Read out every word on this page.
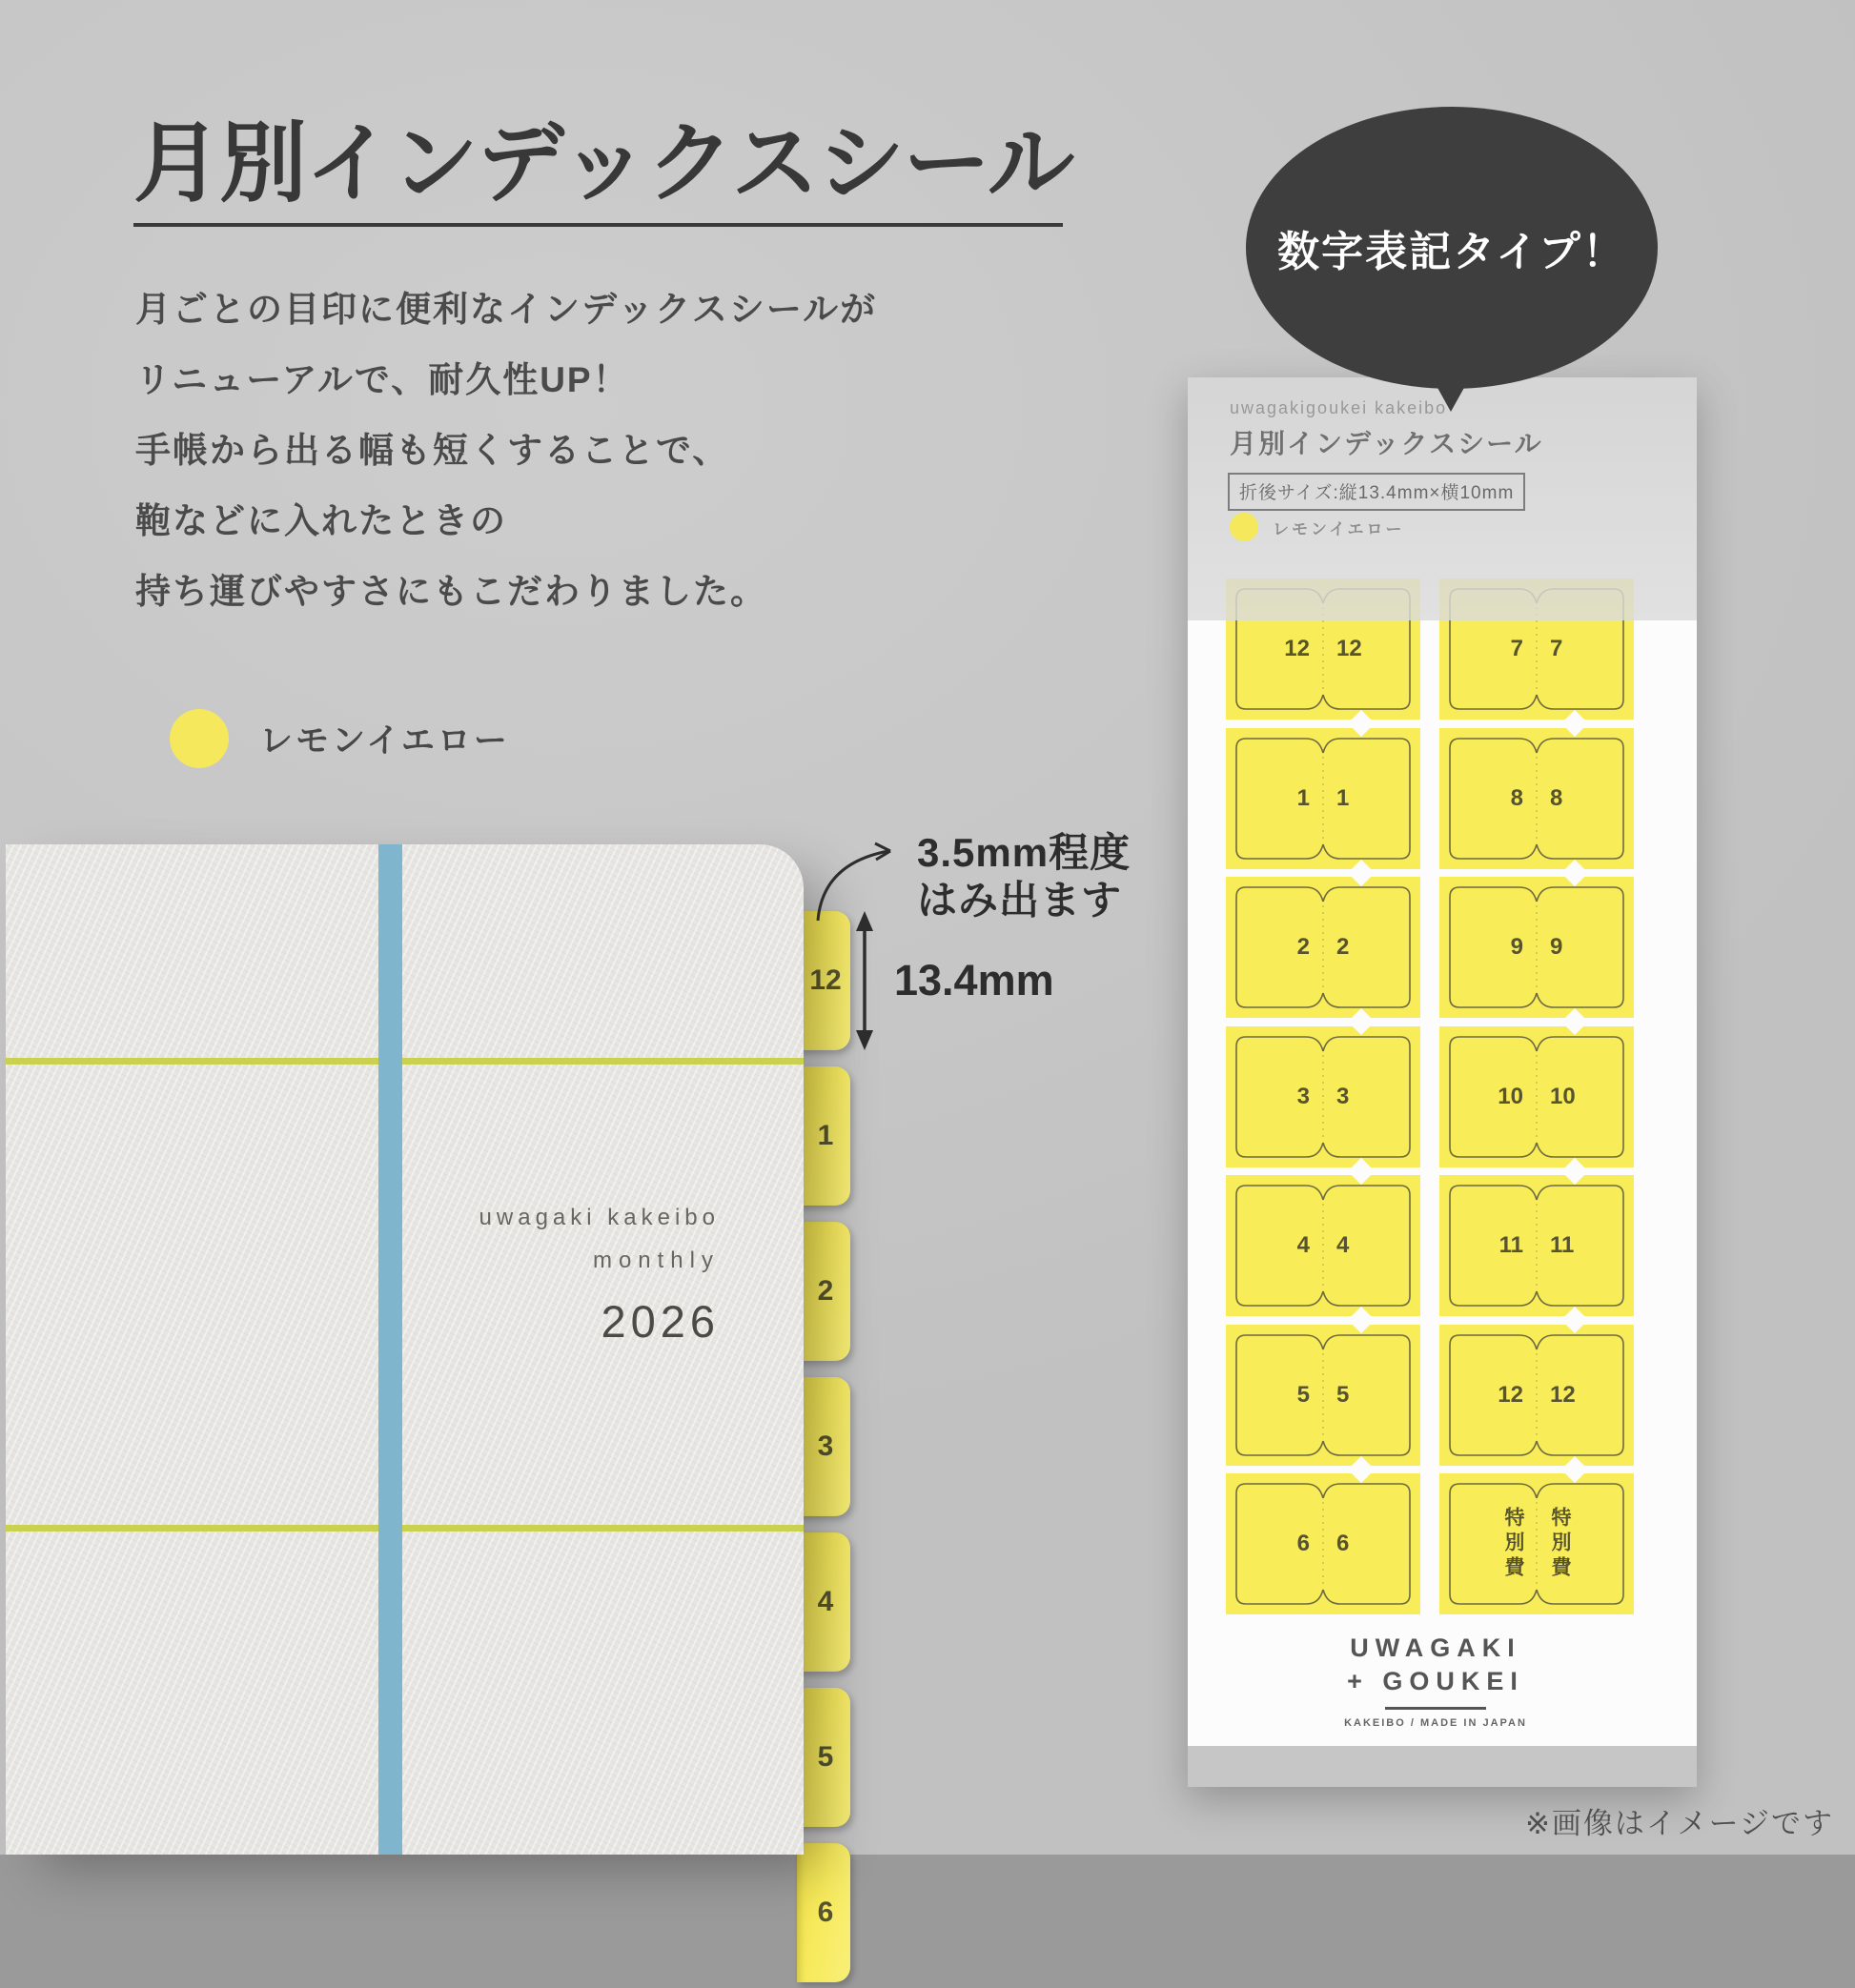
月別インデックスシール
月ごとの目印に便利なインデックスシールが
リニューアルで、耐久性UP！
手帳から出る幅も短くすることで、
鞄などに入れたときの
持ち運びやすさにもこだわりました。
レモンイエロー
数字表記タイプ！
uwagaki kakeibo
monthly
2026
12
1
2
3
4
5
6
3.5mm程度
はみ出ます
13.4mm
12 12	7 7
1 1	8 8
2 2	9 9
3 3	10 10
4 4	11 11
5 5	12 12
6 6	特別費 特別費
uwagakigoukei kakeibo
月別インデックスシール
折後サイズ:縦13.4mm×横10mm
レモンイエロー
UWAGAKI
+ GOUKEI
KAKEIBO / MADE IN JAPAN
※画像はイメージです
